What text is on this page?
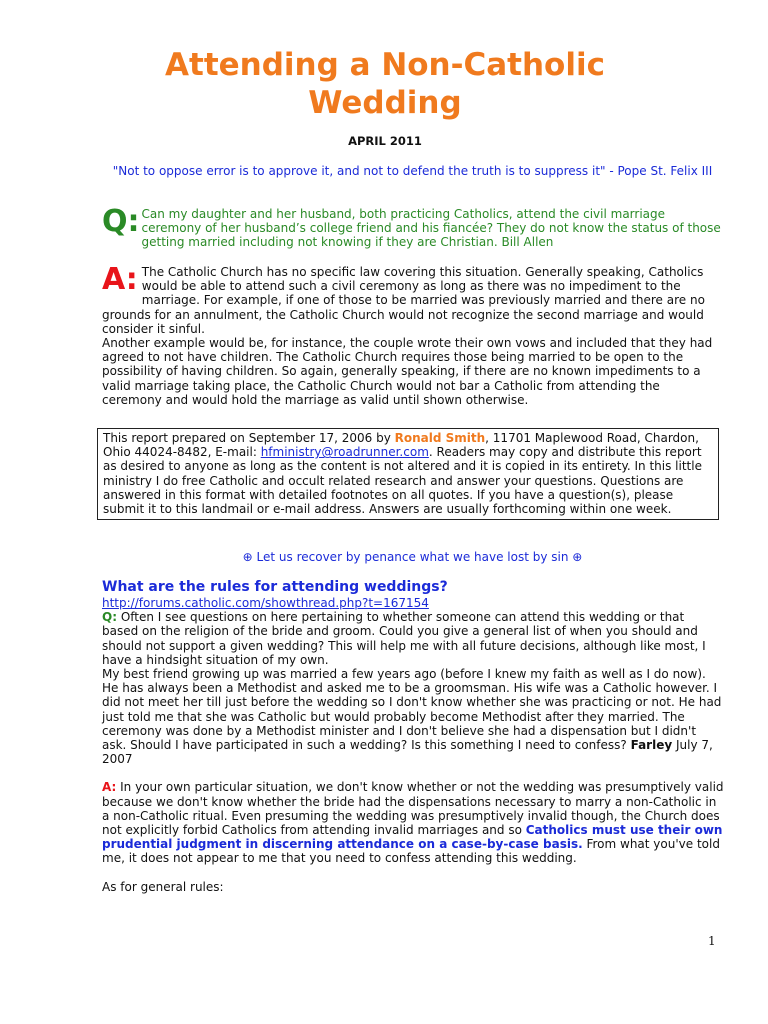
Attending a Non-Catholic Wedding
APRIL 2011
"Not to oppose error is to approve it, and not to defend the truth is to suppress it" - Pope St. Felix III
Q: Can my daughter and her husband, both practicing Catholics, attend the civil marriage ceremony of her husband’s college friend and his fiancée? They do not know the status of those getting married including not knowing if they are Christian. Bill Allen
A: The Catholic Church has no specific law covering this situation. Generally speaking, Catholics would be able to attend such a civil ceremony as long as there was no impediment to the marriage. For example, if one of those to be married was previously married and there are no grounds for an annulment, the Catholic Church would not recognize the second marriage and would consider it sinful.

Another example would be, for instance, the couple wrote their own vows and included that they had agreed to not have children. The Catholic Church requires those being married to be open to the possibility of having children. So again, generally speaking, if there are no known impediments to a valid marriage taking place, the Catholic Church would not bar a Catholic from attending the ceremony and would hold the marriage as valid until shown otherwise.

This report prepared on September 17, 2006 by Ronald Smith, 11701 Maplewood Road, Chardon, Ohio 44024-8482, E-mail: hfministry@roadrunner.com. Readers may copy and distribute this report as desired to anyone as long as the content is not altered and it is copied in its entirety. In this little ministry I do free Catholic and occult related research and answer your questions. Questions are answered in this format with detailed footnotes on all quotes. If you have a question(s), please submit it to this landmail or e-mail address. Answers are usually forthcoming within one week.
⊕ Let us recover by penance what we have lost by sin ⊕
What are the rules for attending weddings?

http://forums.catholic.com/showthread.php?t=167154

Q: Often I see questions on here pertaining to whether someone can attend this wedding or that based on the religion of the bride and groom. Could you give a general list of when you should and should not support a given wedding? This will help me with all future decisions, although like most, I have a hindsight situation of my own.

My best friend growing up was married a few years ago (before I knew my faith as well as I do now). He has always been a Methodist and asked me to be a groomsman. His wife was a Catholic however. I did not meet her till just before the wedding so I don't know whether she was practicing or not. He had just told me that she was Catholic but would probably become Methodist after they married. The ceremony was done by a Methodist minister and I don't believe she had a dispensation but I didn't ask. Should I have participated in such a wedding? Is this something I need to confess? Farley July 7, 2007

A: In your own particular situation, we don't know whether or not the wedding was presumptively valid because we don't know whether the bride had the dispensations necessary to marry a non-Catholic in a non-Catholic ritual. Even presuming the wedding was presumptively invalid though, the Church does not explicitly forbid Catholics from attending invalid marriages and so Catholics must use their own prudential judgment in discerning attendance on a case-by-case basis. From what you've told me, it does not appear to me that you need to confess attending this wedding.

As for general rules:

1
